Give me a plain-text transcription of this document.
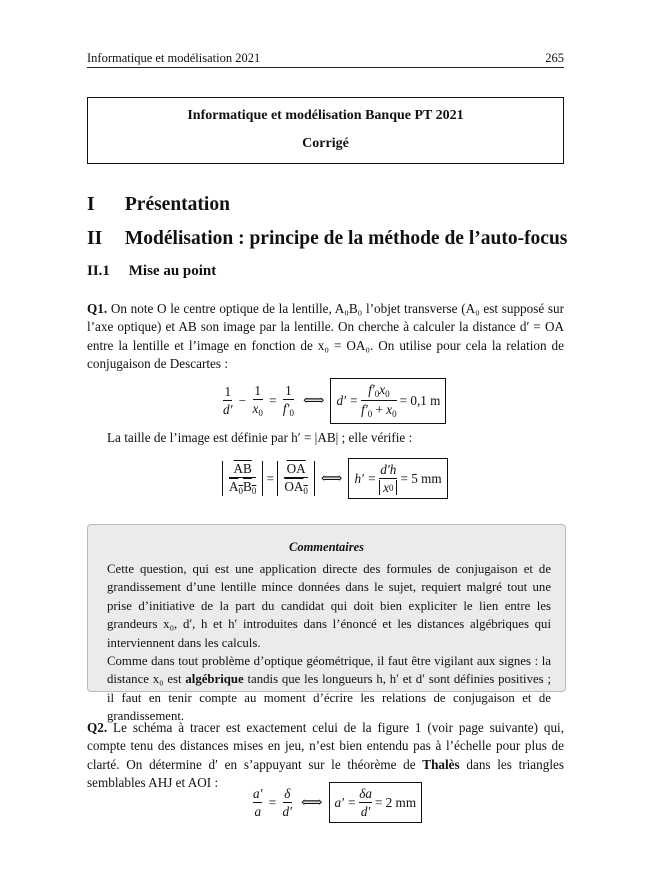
Informatique et modélisation 2021	265
Informatique et modélisation Banque PT 2021
Corrigé
I Présentation
II Modélisation : principe de la méthode de l’auto-focus
II.1 Mise au point
Q1. On note O le centre optique de la lentille, A₀B₀ l’objet transverse (A₀ est supposé sur l’axe optique) et AB son image par la lentille. On cherche à calculer la distance d′ = OA entre la lentille et l’image en fonction de x₀ = OA₀. On utilise pour cela la relation de conjugaison de Descartes :
$\frac{1}{d'} - \frac{1}{x_0} = \frac{1}{f'_0}$ ⟺ $d' = \frac{f'_0x_0}{f'_0 + x_0} = 0,1$ m
La taille de l’image est définie par h′ = |AB| ; elle vérifie :
$\frac{\overline{AB}}{A_0B_0} = \frac{\overline{OA}}{OA_0}$ ⟺ $h' = \frac{d'h}{x 0} = 5$ mm
Commentaires
Cette question, qui est une application directe des formules de conjugaison et de grandissement d’une lentille mince données dans le sujet, requiert malgré tout une prise d’initiative de la part du candidat qui doit bien expliciter le lien entre les grandeurs x₀, d′, h et h′ introduites dans l’énoncé et les distances algébriques qui interviennent dans les calculs.
Comme dans tout problème d’optique géométrique, il faut être vigilant aux signes : la distance x₀ est algébrique tandis que les longueurs h, h′ et d′ sont définies positives ; il faut en tenir compte au moment d’écrire les relations de conjugaison et de grandissement.
Q2. Le schéma à tracer est exactement celui de la figure 1 (voir page suivante) qui, compte tenu des distances mises en jeu, n’est bien entendu pas à l’échelle pour plus de clarté. On détermine d′ en s’appuyant sur le théorème de Thalès dans les triangles semblables AHJ et AOI :
$\frac{a'}{a} = \frac{\delta}{d'}$ ⟺ $a' = \frac{\delta a}{d'} = 2$ mm
